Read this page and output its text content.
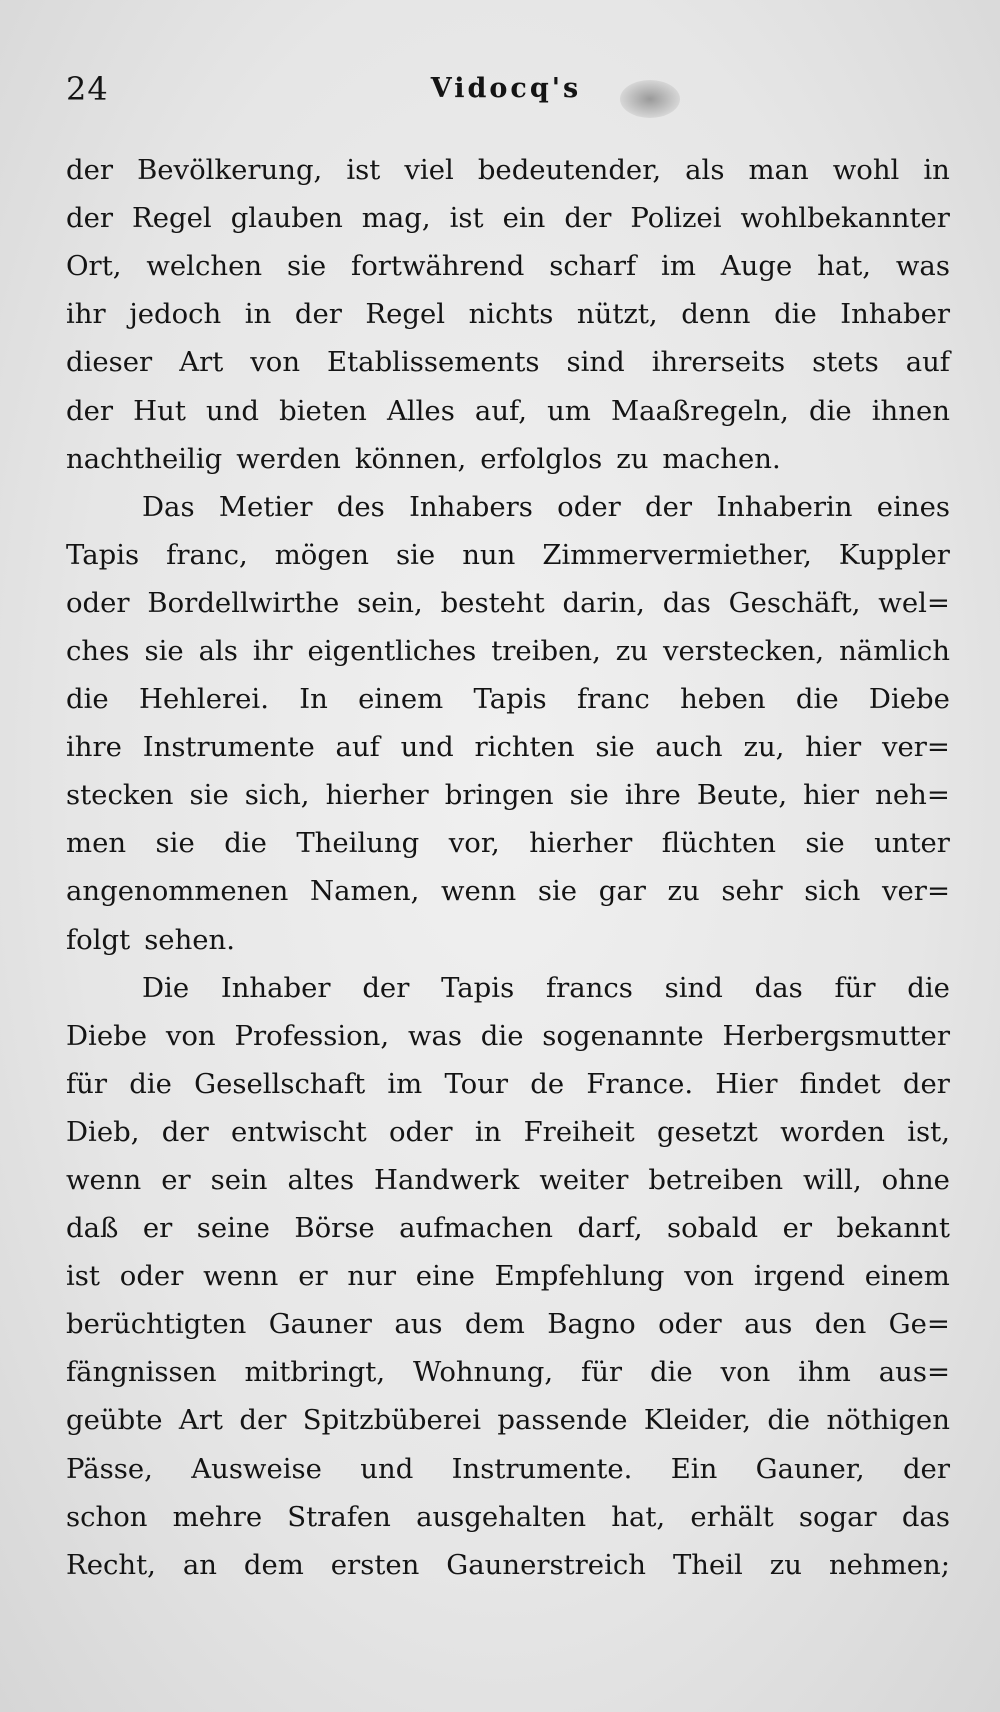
24	Vidocq's
der Bevölkerung, ist viel bedeutender, als man wohl in
der Regel glauben mag, ist ein der Polizei wohlbekannter
Ort, welchen sie fortwährend scharf im Auge hat, was
ihr jedoch in der Regel nichts nützt, denn die Inhaber
dieser Art von Etablissements sind ihrerseits stets auf
der Hut und bieten Alles auf, um Maaßregeln, die ihnen
nachtheilig werden können, erfolglos zu machen.
Das Metier des Inhabers oder der Inhaberin eines
Tapis franc, mögen sie nun Zimmervermiether, Kuppler
oder Bordellwirthe sein, besteht darin, das Geschäft, wel=
ches sie als ihr eigentliches treiben, zu verstecken, nämlich
die Hehlerei. In einem Tapis franc heben die Diebe
ihre Instrumente auf und richten sie auch zu, hier ver=
stecken sie sich, hierher bringen sie ihre Beute, hier neh=
men sie die Theilung vor, hierher flüchten sie unter
angenommenen Namen, wenn sie gar zu sehr sich ver=
folgt sehen.
Die Inhaber der Tapis francs sind das für die
Diebe von Profession, was die sogenannte Herbergsmutter
für die Gesellschaft im Tour de France. Hier findet der
Dieb, der entwischt oder in Freiheit gesetzt worden ist,
wenn er sein altes Handwerk weiter betreiben will, ohne
daß er seine Börse aufmachen darf, sobald er bekannt
ist oder wenn er nur eine Empfehlung von irgend einem
berüchtigten Gauner aus dem Bagno oder aus den Ge=
fängnissen mitbringt, Wohnung, für die von ihm aus=
geübte Art der Spitzbüberei passende Kleider, die nöthigen
Pässe, Ausweise und Instrumente. Ein Gauner, der
schon mehre Strafen ausgehalten hat, erhält sogar das
Recht, an dem ersten Gaunerstreich Theil zu nehmen;
